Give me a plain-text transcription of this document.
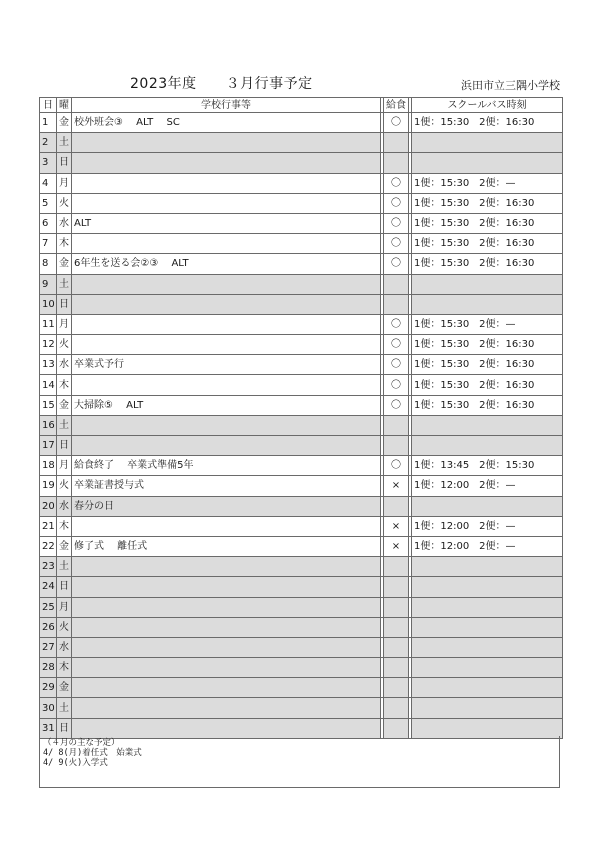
2023年度　　３月行事予定	浜田市立三隅小学校
日	曜	学校行事等		給食		スクールバス時刻
1	金	校外班会③　 ALT　 SC		〇		1便：15:30　2便：16:30
2	土					
3	日					
4	月			〇		1便：15:30　2便：—
5	火			〇		1便：15:30　2便：16:30
6	水	ALT		〇		1便：15:30　2便：16:30
7	木			〇		1便：15:30　2便：16:30
8	金	6年生を送る会②③　 ALT		〇		1便：15:30　2便：16:30
9	土					
10	日					
11	月			〇		1便：15:30　2便：—
12	火			〇		1便：15:30　2便：16:30
13	水	卒業式予行		〇		1便：15:30　2便：16:30
14	木			〇		1便：15:30　2便：16:30
15	金	大掃除⑤　 ALT		〇		1便：15:30　2便：16:30
16	土					
17	日					
18	月	給食終了　 卒業式準備5年		〇		1便：13:45　2便：15:30
19	火	卒業証書授与式		×		1便：12:00　2便：—
20	水	春分の日				
21	木			×		1便：12:00　2便：—
22	金	修了式　 離任式		×		1便：12:00　2便：—
23	土					
24	日					
25	月					
26	火					
27	水					
28	木					
29	金					
30	土					
31	日					
（４月の主な予定）
4/ 8(月)着任式　始業式
4/ 9(火)入学式
